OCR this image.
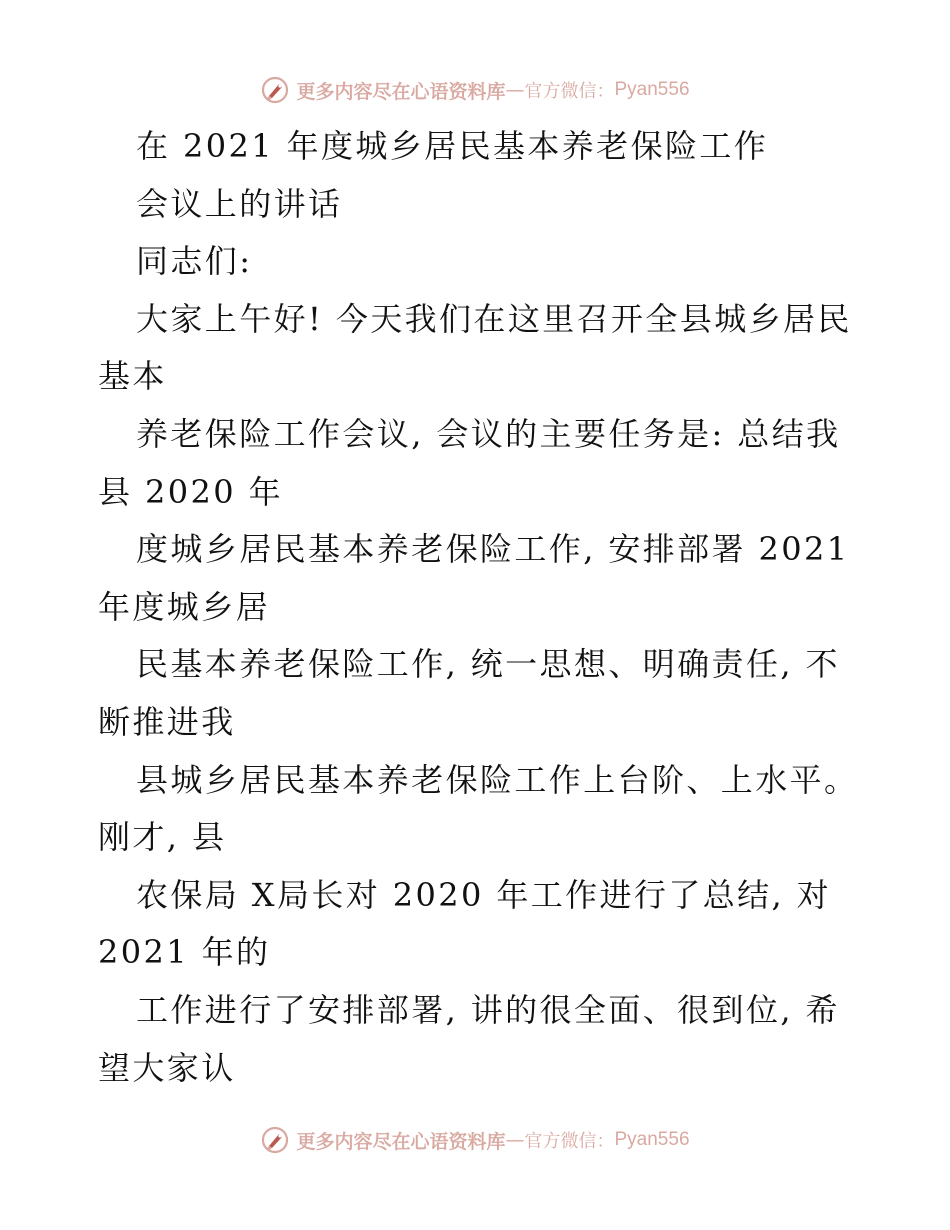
更多内容尽在心语资料库 — 官方微信： Pyan556
在 2021 年度城乡居民基本养老保险工作
会议上的讲话
同志们:
大家上午好! 今天我们在这里召开全县城乡居民
基本
养老保险工作会议, 会议的主要任务是: 总结我
县 2020 年
度城乡居民基本养老保险工作, 安排部署 2021
年度城乡居
民基本养老保险工作, 统一思想、明确责任, 不
断推进我
县城乡居民基本养老保险工作上台阶、上水平。
刚才, 县
农保局 X局长对 2020 年工作进行了总结, 对
2021 年的
工作进行了安排部署, 讲的很全面、很到位, 希
望大家认
更多内容尽在心语资料库 — 官方微信： Pyan556
